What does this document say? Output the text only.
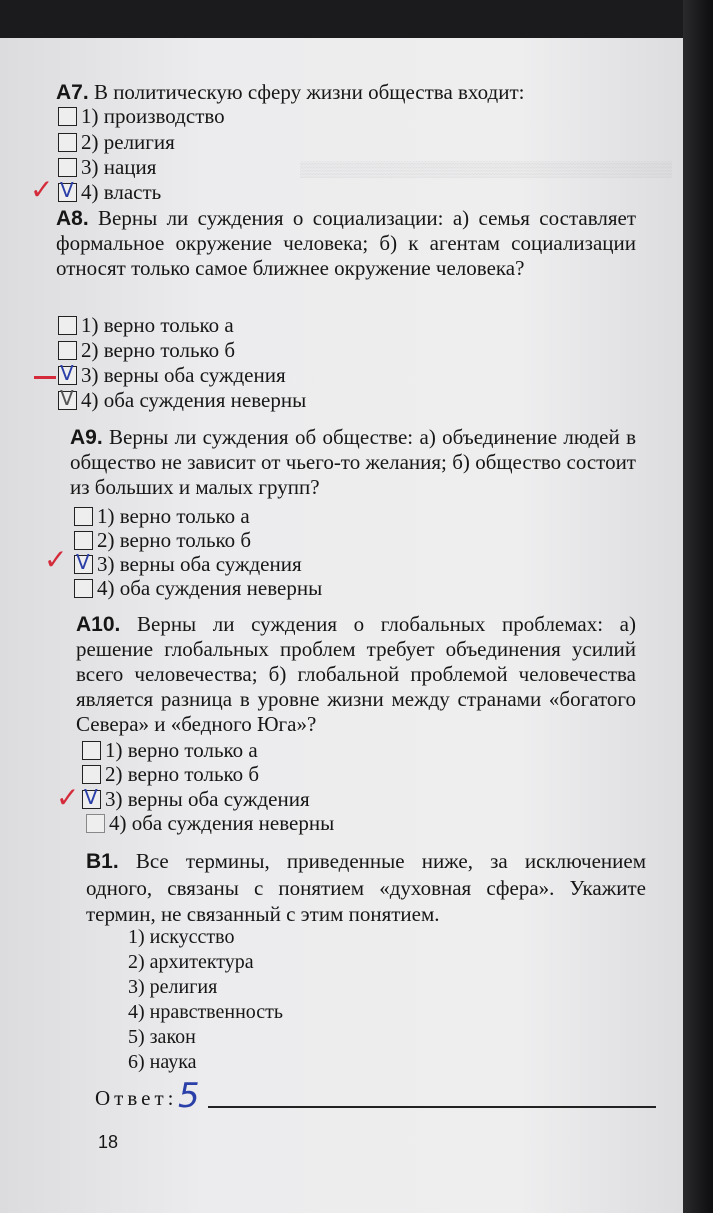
▒▒▒▒▒▒▒▒▒▒▒▒▒▒▒▒▒▒▒▒▒▒▒▒▒▒▒▒▒▒▒▒▒▒▒
А7. В политическую сферу жизни общества входит:
1) производство
2) религия
3) нация
V 4) власть
✓
А8. Верны ли суждения о социализации: а) семья составляет формальное окружение человека; б) к агентам социализации относят только самое ближнее окружение человека?
1) верно только а
2) верно только б
V 3) верны оба суждения
V 4) оба суждения неверны
А9. Верны ли суждения об обществе: а) объединение людей в общество не зависит от чьего-то желания; б) общество состоит из больших и малых групп?
1) верно только а
2) верно только б
V 3) верны оба суждения
4) оба суждения неверны
✓
А10. Верны ли суждения о глобальных проблемах: а) решение глобальных проблем требует объединения усилий всего человечества; б) глобальной проблемой человечества является разница в уровне жизни между странами «богатого Севера» и «бедного Юга»?
1) верно только а
2) верно только б
V 3) верны оба суждения
4) оба суждения неверны
✓
В1. Все термины, приведенные ниже, за исключением одного, связаны с понятием «духовная сфера». Укажите термин, не связанный с этим понятием.
1) искусство
2) архитектура
3) религия
4) нравственность
5) закон
6) наука
Ответ: 5
18
